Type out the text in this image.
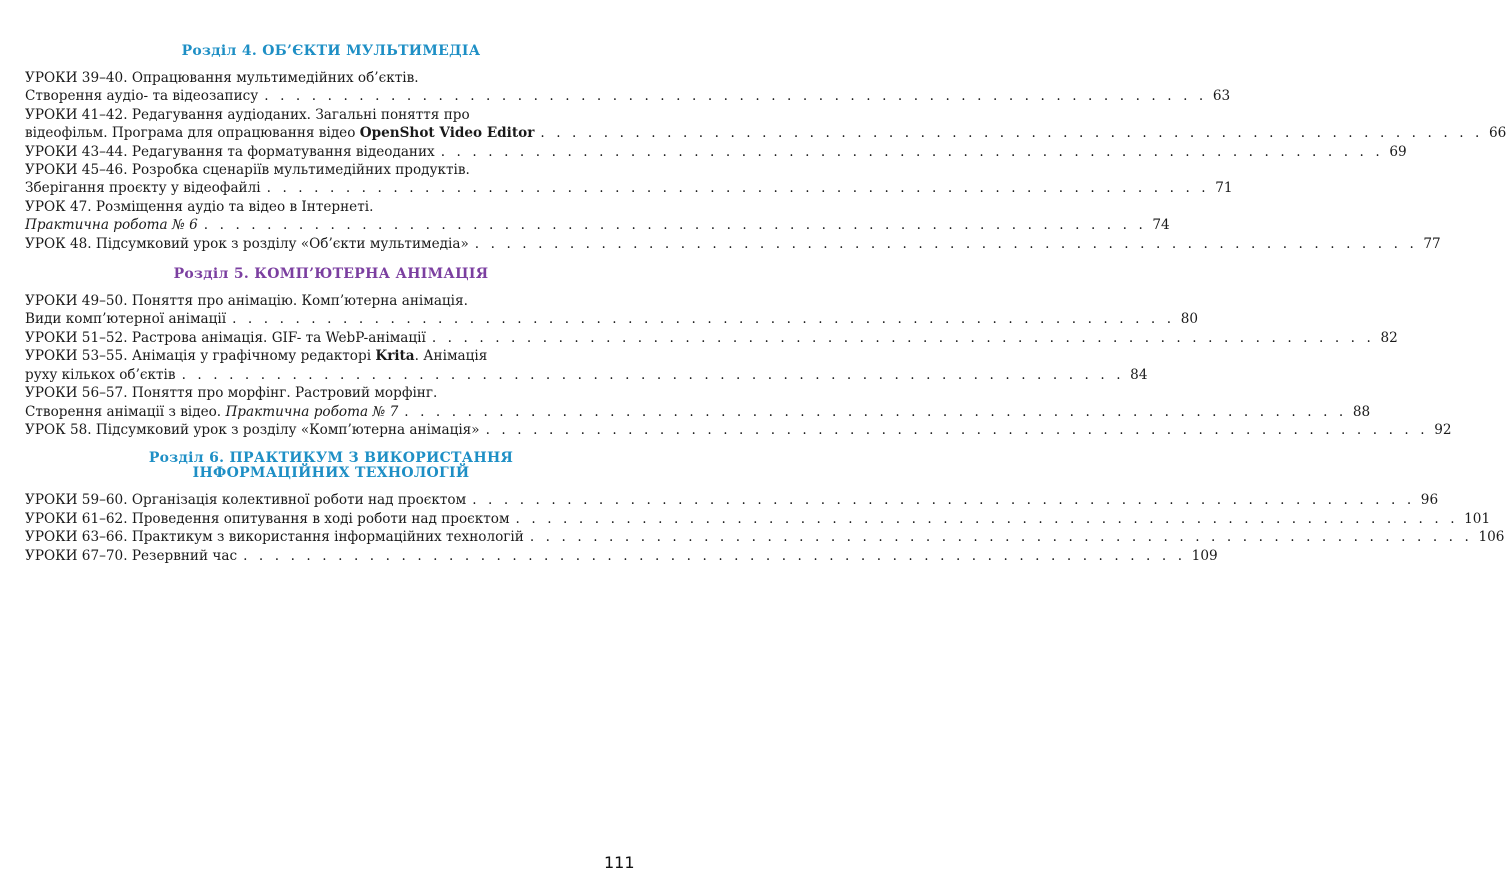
Розділ 4. ОБ’ЄКТИ МУЛЬТИМЕДІА
УРОКИ 39–40. Опрацювання мультимедійних об’єктів.
Створення аудіо- та відеозапису . . . . . . . . . . . . . . . . . . . . . . . . . . . . . . . . . . . . . . . . . . . . . . . . . . . . . . . . . . . . 63
УРОКИ 41–42. Редагування аудіоданих. Загальні поняття про
відеофільм. Програма для опрацювання відео OpenShot Video Editor . . . . . . . . . . . . . . . . . . . . . . . . . . . . . . . . . . . . . . . . . . . . . . . . . . . . . . . . . . . . 66
УРОКИ 43–44. Редагування та форматування відеоданих . . . . . . . . . . . . . . . . . . . . . . . . . . . . . . . . . . . . . . . . . . . . . . . . . . . . . . . . . . . . 69
УРОКИ 45–46. Розробка сценаріїв мультимедійних продуктів.
Зберігання проєкту у відеофайлі . . . . . . . . . . . . . . . . . . . . . . . . . . . . . . . . . . . . . . . . . . . . . . . . . . . . . . . . . . . . 71
УРОК 47. Розміщення аудіо та відео в Інтернеті.
Практична робота № 6 . . . . . . . . . . . . . . . . . . . . . . . . . . . . . . . . . . . . . . . . . . . . . . . . . . . . . . . . . . . . 74
УРОК 48. Підсумковий урок з розділу «Об’єкти мультимедіа» . . . . . . . . . . . . . . . . . . . . . . . . . . . . . . . . . . . . . . . . . . . . . . . . . . . . . . . . . . . . 77
Розділ 5. КОМП’ЮТЕРНА АНІМАЦІЯ
УРОКИ 49–50. Поняття про анімацію. Комп’ютерна анімація.
Види комп’ютерної анімації . . . . . . . . . . . . . . . . . . . . . . . . . . . . . . . . . . . . . . . . . . . . . . . . . . . . . . . . . . . . 80
УРОКИ 51–52. Растрова анімація. GIF- та WebP-анімації . . . . . . . . . . . . . . . . . . . . . . . . . . . . . . . . . . . . . . . . . . . . . . . . . . . . . . . . . . . . 82
УРОКИ 53–55. Анімація у графічному редакторі Krita. Анімація
руху кількох об’єктів . . . . . . . . . . . . . . . . . . . . . . . . . . . . . . . . . . . . . . . . . . . . . . . . . . . . . . . . . . . . 84
УРОКИ 56–57. Поняття про морфінг. Растровий морфінг.
Створення анімації з відео. Практична робота № 7 . . . . . . . . . . . . . . . . . . . . . . . . . . . . . . . . . . . . . . . . . . . . . . . . . . . . . . . . . . . . 88
УРОК 58. Підсумковий урок з розділу «Комп’ютерна анімація» . . . . . . . . . . . . . . . . . . . . . . . . . . . . . . . . . . . . . . . . . . . . . . . . . . . . . . . . . . . . 92
Розділ 6. ПРАКТИКУМ З ВИКОРИСТАННЯ
ІНФОРМАЦІЙНИХ ТЕХНОЛОГІЙ
УРОКИ 59–60. Організація колективної роботи над проєктом . . . . . . . . . . . . . . . . . . . . . . . . . . . . . . . . . . . . . . . . . . . . . . . . . . . . . . . . . . . . 96
УРОКИ 61–62. Проведення опитування в ході роботи над проєктом . . . . . . . . . . . . . . . . . . . . . . . . . . . . . . . . . . . . . . . . . . . . . . . . . . . . . . . . . . . . 101
УРОКИ 63–66. Практикум з використання інформаційних технологій . . . . . . . . . . . . . . . . . . . . . . . . . . . . . . . . . . . . . . . . . . . . . . . . . . . . . . . . . . . . 106
УРОКИ 67–70. Резервний час . . . . . . . . . . . . . . . . . . . . . . . . . . . . . . . . . . . . . . . . . . . . . . . . . . . . . . . . . . . . 109
111
